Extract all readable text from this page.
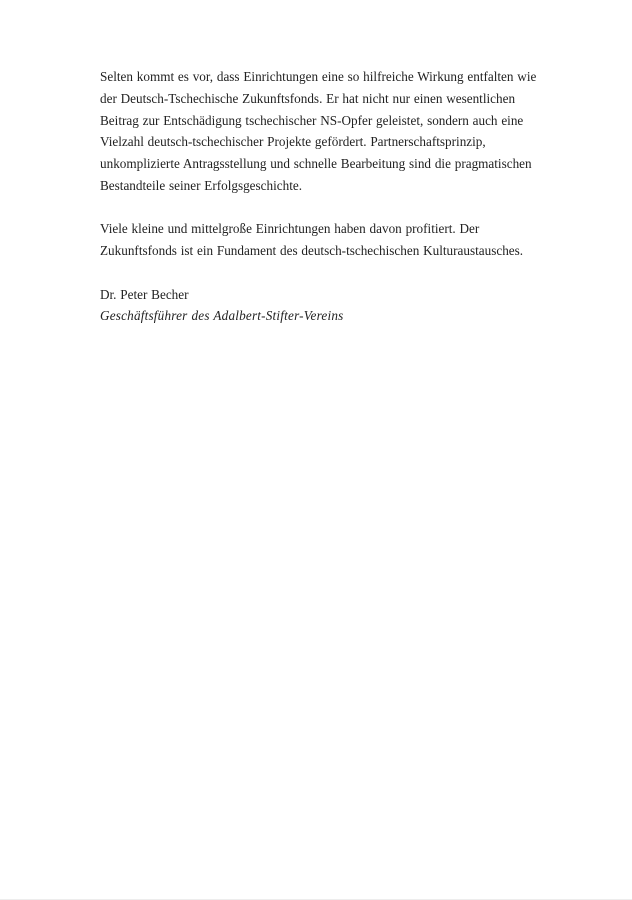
Selten kommt es vor, dass Einrichtungen eine so hilfreiche Wirkung entfalten wie
der Deutsch-Tschechische Zukunftsfonds. Er hat nicht nur einen wesentlichen
Beitrag zur Entschädigung tschechischer NS-Opfer geleistet, sondern auch eine
Vielzahl deutsch-tschechischer Projekte gefördert. Partnerschaftsprinzip,
unkomplizierte Antragsstellung und schnelle Bearbeitung sind die pragmatischen
Bestandteile seiner Erfolgsgeschichte.
Viele kleine und mittelgroße Einrichtungen haben davon profitiert. Der
Zukunftsfonds ist ein Fundament des deutsch-tschechischen Kulturaustausches.
Dr. Peter Becher
Geschäftsführer des Adalbert-Stifter-Vereins
